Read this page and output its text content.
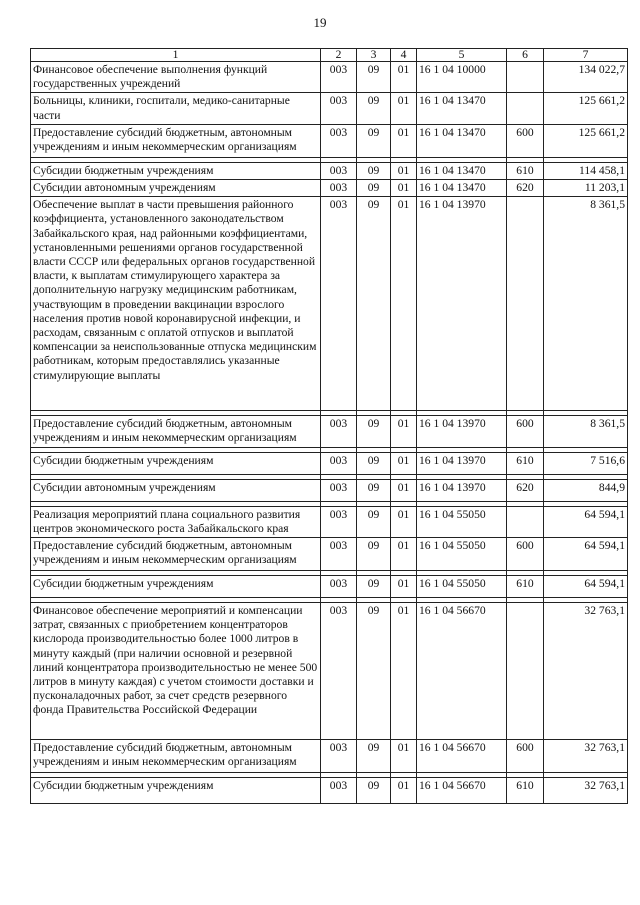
19
1	2	3	4	5	6	7
Финансовое обеспечение выполнения функций государственных учреждений	003	09	01	16 1 04 10000		134 022,7
Больницы, клиники, госпитали, медико-санитарные части	003	09	01	16 1 04 13470		125 661,2
Предоставление субсидий бюджетным, автономным учреждениям и иным некоммерческим организациям	003	09	01	16 1 04 13470	600	125 661,2

Субсидии бюджетным учреждениям	003	09	01	16 1 04 13470	610	114 458,1
Субсидии автономным учреждениям	003	09	01	16 1 04 13470	620	11 203,1
Обеспечение выплат в части превышения районного коэффициента, установленного законодательством Забайкальского края, над районными коэффициентами, установленными решениями органов государственной власти СССР или федеральных органов государственной власти, к выплатам стимулирующего характера за дополнительную нагрузку медицинским работникам, участвующим в проведении вакцинации взрослого населения против новой коронавирусной инфекции, и расходам, связанным с оплатой отпусков и выплатой компенсации за неиспользованные отпуска медицинским работникам, которым предоставлялись указанные стимулирующие выплаты	003	09	01	16 1 04 13970		8 361,5

Предоставление субсидий бюджетным, автономным учреждениям и иным некоммерческим организациям	003	09	01	16 1 04 13970	600	8 361,5

Субсидии бюджетным учреждениям	003	09	01	16 1 04 13970	610	7 516,6

Субсидии автономным учреждениям	003	09	01	16 1 04 13970	620	844,9

Реализация мероприятий плана социального развития центров экономического роста Забайкальского края	003	09	01	16 1 04 55050		64 594,1
Предоставление субсидий бюджетным, автономным учреждениям и иным некоммерческим организациям	003	09	01	16 1 04 55050	600	64 594,1

Субсидии бюджетным учреждениям	003	09	01	16 1 04 55050	610	64 594,1

Финансовое обеспечение мероприятий и компенсации затрат, связанных с приобретением концентраторов кислорода производительностью более 1000 литров в минуту каждый (при наличии основной и резервной линий концентратора производительностью не менее 500 литров в минуту каждая) с учетом стоимости доставки и пусконаладочных работ, за счет средств резервного фонда Правительства Российской Федерации	003	09	01	16 1 04 56670		32 763,1
Предоставление субсидий бюджетным, автономным учреждениям и иным некоммерческим организациям	003	09	01	16 1 04 56670	600	32 763,1

Субсидии бюджетным учреждениям	003	09	01	16 1 04 56670	610	32 763,1
